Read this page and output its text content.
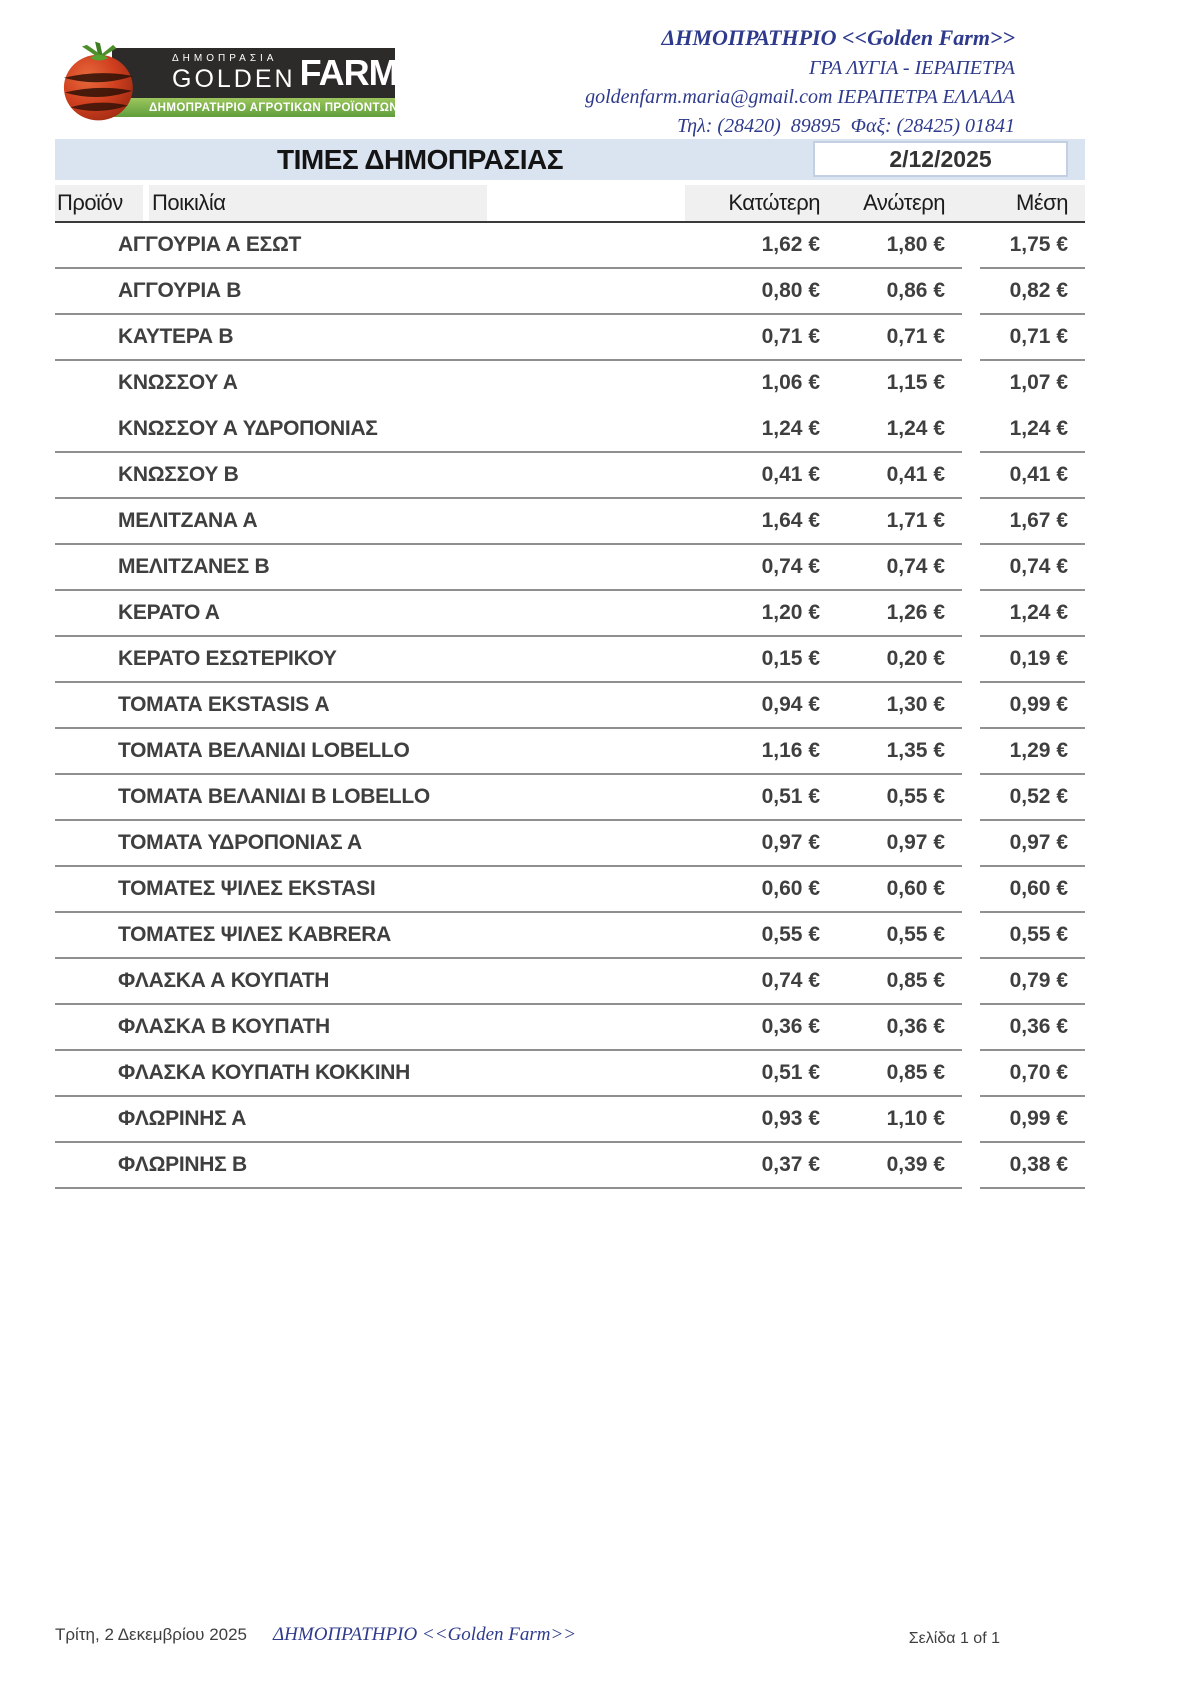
ΔΗΜΟΠΡΑΣΙΑ
GOLDEN FARM
ΔΗΜΟΠΡΑΤΗΡΙΟ ΑΓΡΟΤΙΚΩΝ ΠΡΟΪΟΝΤΩΝ
ΔΗΜΟΠΡΑΤΗΡΙΟ <<Golden Farm>>
ΓΡΑ ΛΥΓΙΑ - ΙΕΡΑΠΕΤΡΑ
goldenfarm.maria@gmail.com ΙΕΡΑΠΕΤΡΑ ΕΛΛΑΔΑ
Τηλ: (28420)  89895  Φαξ: (28425) 01841
ΤΙΜΕΣ ΔΗΜΟΠΡΑΣΙΑΣ	2/12/2025
Προϊόν Ποικιλία	Κατώτερη Ανώτερη	Μέση
ΑΓΓΟΥΡΙΑ Α ΕΣΩΤ	1,62 €	1,80 €	1,75 €
ΑΓΓΟΥΡΙΑ Β	0,80 €	0,86 €	0,82 €
ΚΑΥΤΕΡΑ Β	0,71 €	0,71 €	0,71 €
ΚΝΩΣΣΟΥ Α	1,06 €	1,15 €	1,07 €
ΚΝΩΣΣΟΥ Α ΥΔΡΟΠΟΝΙΑΣ	1,24 €	1,24 €	1,24 €
ΚΝΩΣΣΟΥ Β	0,41 €	0,41 €	0,41 €
ΜΕΛΙΤΖΑΝΑ Α	1,64 €	1,71 €	1,67 €
ΜΕΛΙΤΖΑΝΕΣ Β	0,74 €	0,74 €	0,74 €
ΚΕΡΑΤΟ Α	1,20 €	1,26 €	1,24 €
ΚΕΡΑΤΟ ΕΣΩΤΕΡΙΚΟΥ	0,15 €	0,20 €	0,19 €
ΤΟΜΑΤΑ EKSTASIS Α	0,94 €	1,30 €	0,99 €
ΤΟΜΑΤΑ ΒΕΛΑΝΙΔΙ LOBELLO	1,16 €	1,35 €	1,29 €
ΤΟΜΑΤΑ ΒΕΛΑΝΙΔΙ Β LOBELLO	0,51 €	0,55 €	0,52 €
ΤΟΜΑΤΑ ΥΔΡΟΠΟΝΙΑΣ Α	0,97 €	0,97 €	0,97 €
ΤΟΜΑΤΕΣ ΨΙΛΕΣ EKSTASI	0,60 €	0,60 €	0,60 €
ΤΟΜΑΤΕΣ ΨΙΛΕΣ KABRERA	0,55 €	0,55 €	0,55 €
ΦΛΑΣΚΑ Α ΚΟΥΠΑΤΗ	0,74 €	0,85 €	0,79 €
ΦΛΑΣΚΑ Β ΚΟΥΠΑΤΗ	0,36 €	0,36 €	0,36 €
ΦΛΑΣΚΑ ΚΟΥΠΑΤΗ ΚΟΚΚΙΝΗ	0,51 €	0,85 €	0,70 €
ΦΛΩΡΙΝΗΣ Α	0,93 €	1,10 €	0,99 €
ΦΛΩΡΙΝΗΣ Β	0,37 €	0,39 €	0,38 €
Τρίτη, 2 Δεκεμβρίου 2025 ΔΗΜΟΠΡΑΤΗΡΙΟ <<Golden Farm>>	Σελίδα 1 of 1
